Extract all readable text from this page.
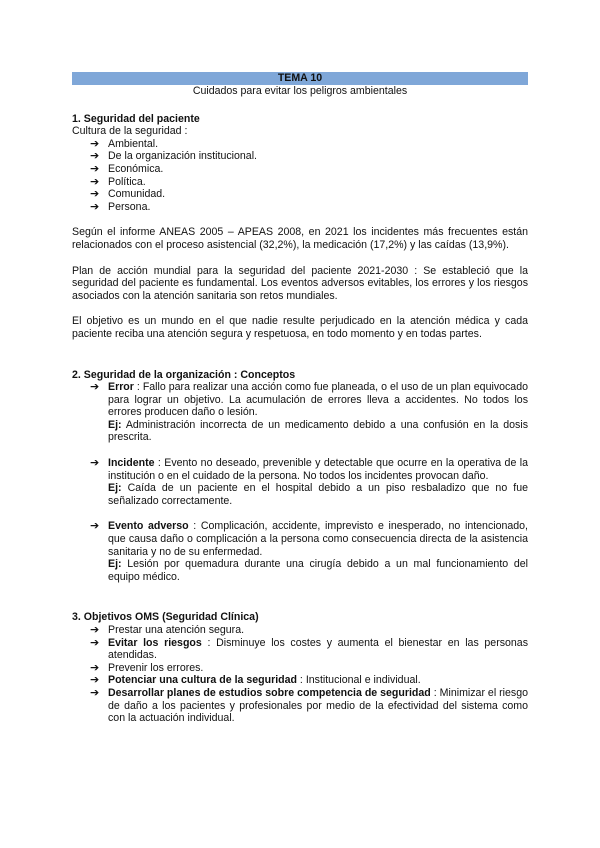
TEMA 10
Cuidados para evitar los peligros ambientales
1. Seguridad del paciente
Cultura de la seguridad :
➔ Ambiental.
➔ De la organización institucional.
➔ Económica.
➔ Política.
➔ Comunidad.
➔ Persona.
Según el informe ANEAS 2005 – APEAS 2008, en 2021 los incidentes más frecuentes están relacionados con el proceso asistencial (32,2%), la medicación (17,2%) y las caídas (13,9%).
Plan de acción mundial para la seguridad del paciente 2021-2030 : Se estableció que la seguridad del paciente es fundamental. Los eventos adversos evitables, los errores y los riesgos asociados con la atención sanitaria son retos mundiales.
El objetivo es un mundo en el que nadie resulte perjudicado en la atención médica y cada paciente reciba una atención segura y respetuosa, en todo momento y en todas partes.
2. Seguridad de la organización : Conceptos
➔ Error : Fallo para realizar una acción como fue planeada, o el uso de un plan equivocado para lograr un objetivo. La acumulación de errores lleva a accidentes. No todos los errores producen daño o lesión.
Ej: Administración incorrecta de un medicamento debido a una confusión en la dosis prescrita.
➔ Incidente : Evento no deseado, prevenible y detectable que ocurre en la operativa de la institución o en el cuidado de la persona. No todos los incidentes provocan daño.
Ej: Caída de un paciente en el hospital debido a un piso resbaladizo que no fue señalizado correctamente.
➔ Evento adverso : Complicación, accidente, imprevisto e inesperado, no intencionado, que causa daño o complicación a la persona como consecuencia directa de la asistencia sanitaria y no de su enfermedad.
Ej: Lesión por quemadura durante una cirugía debido a un mal funcionamiento del equipo médico.
3. Objetivos OMS (Seguridad Clínica)
➔ Prestar una atención segura.
➔ Evitar los riesgos : Disminuye los costes y aumenta el bienestar en las personas atendidas.
➔ Prevenir los errores.
➔ Potenciar una cultura de la seguridad : Institucional e individual.
➔ Desarrollar planes de estudios sobre competencia de seguridad : Minimizar el riesgo de daño a los pacientes y profesionales por medio de la efectividad del sistema como con la actuación individual.
